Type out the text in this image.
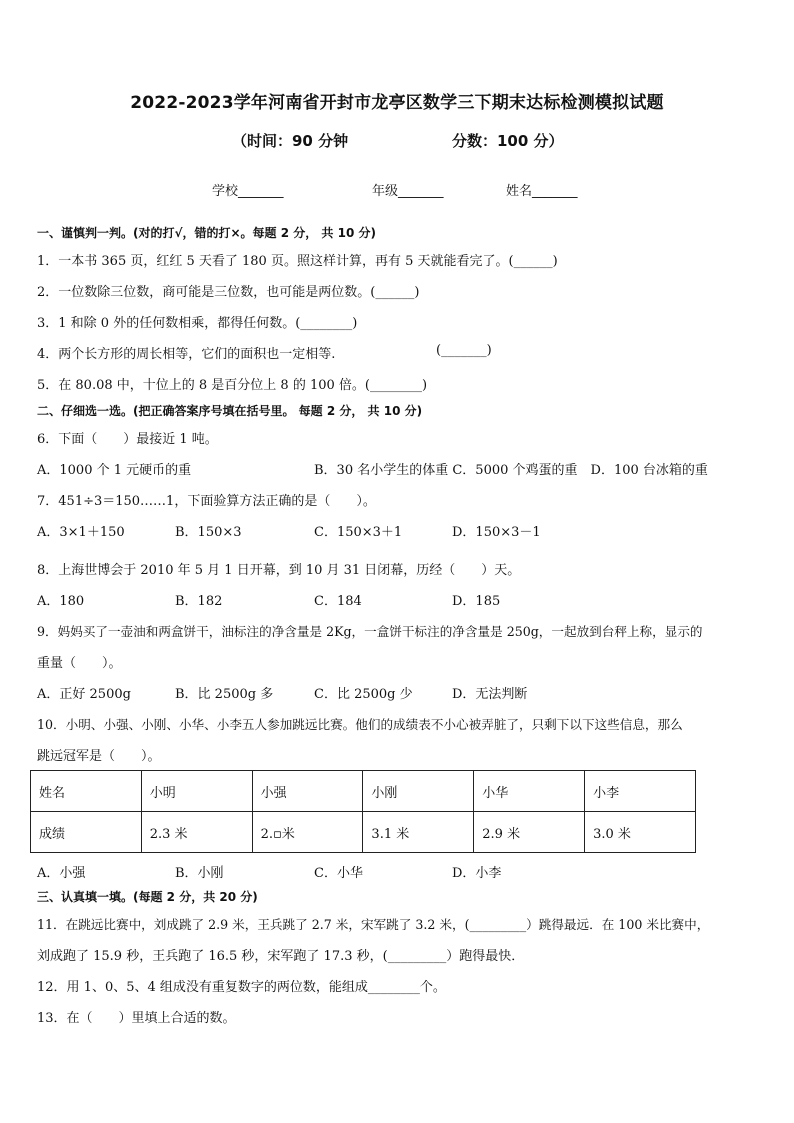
2022-2023学年河南省开封市龙亭区数学三下期末达标检测模拟试题
（时间：90 分钟	分数：100 分）
学校_______	年级_______	姓名_______
一、谨慎判一判。(对的打√，错的打×。每题 2 分， 共 10 分)
1．一本书 365 页，红红 5 天看了 180 页。照这样计算，再有 5 天就能看完了。(______)
2．一位数除三位数，商可能是三位数，也可能是两位数。(______)
3．1 和除 0 外的任何数相乘，都得任何数。(________)
4．两个长方形的周长相等，它们的面积也一定相等.	(_______)
5．在 80.08 中，十位上的 8 是百分位上 8 的 100 倍。(________)
二、仔细选一选。(把正确答案序号填在括号里。 每题 2 分， 共 10 分)
6．下面（　　）最接近 1 吨。
A．1000 个 1 元硬币的重	B．30 名小学生的体重 C．5000 个鸡蛋的重　D．100 台冰箱的重
7．451÷3＝150……1，下面验算方法正确的是（　　）。
A．3×1＋150	B．150×3	C．150×3＋1	D．150×3－1
8．上海世博会于 2010 年 5 月 1 日开幕，到 10 月 31 日闭幕，历经（　　）天。
A．180	B．182	C．184	D．185
9．妈妈买了一壶油和两盒饼干，油标注的净含量是 2Kg，一盒饼干标注的净含量是 250g，一起放到台秤上称，显示的
重量（　　）。
A．正好 2500g	B．比 2500g 多	C．比 2500g 少	D．无法判断
10．小明、小强、小刚、小华、小李五人参加跳远比赛。他们的成绩表不小心被弄脏了，只剩下以下这些信息，那么
跳远冠军是（　　）。
姓名	小明	小强	小刚	小华	小李
成绩	2.3 米	2.▫米	3.1 米	2.9 米	3.0 米
A．小强	B．小刚	C．小华	D．小李
三、认真填一填。(每题 2 分，共 20 分)
11．在跳远比赛中，刘成跳了 2.9 米，王兵跳了 2.7 米，宋军跳了 3.2 米，(_________）跳得最远．在 100 米比赛中，
刘成跑了 15.9 秒，王兵跑了 16.5 秒，宋军跑了 17.3 秒，(_________）跑得最快．
12．用 1、0、5、4 组成没有重复数字的两位数，能组成________个。
13．在（　　）里填上合适的数。
